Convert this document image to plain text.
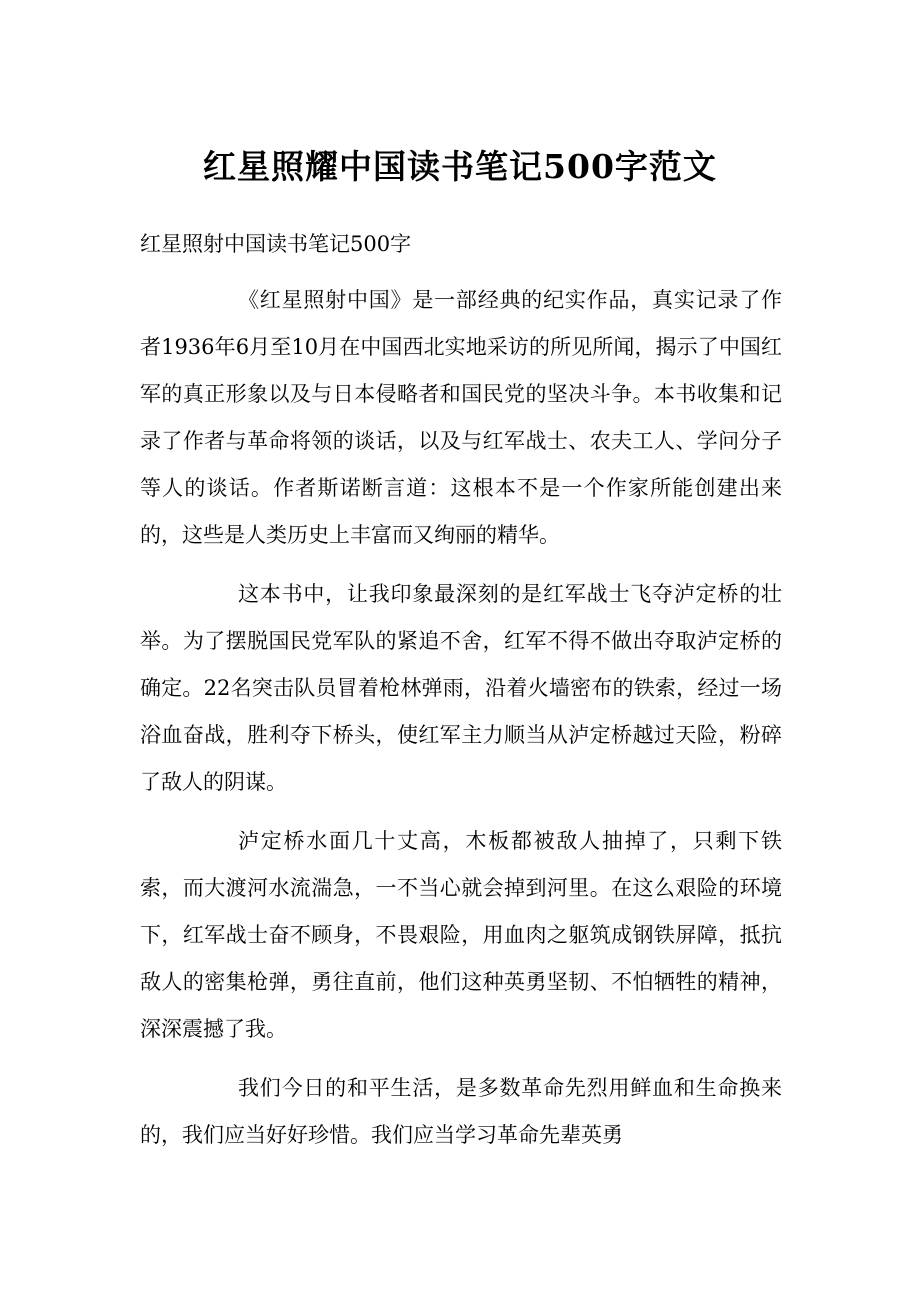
红星照耀中国读书笔记500字范文

红星照射中国读书笔记500字

《红星照射中国》是一部经典的纪实作品，真实记录了作者1936年6月至10月在中国西北实地采访的所见所闻，揭示了中国红军的真正形象以及与日本侵略者和国民党的坚决斗争。本书收集和记录了作者与革命将领的谈话，以及与红军战士、农夫工人、学问分子等人的谈话。作者斯诺断言道：这根本不是一个作家所能创建出来的，这些是人类历史上丰富而又绚丽的精华。

这本书中，让我印象最深刻的是红军战士飞夺泸定桥的壮举。为了摆脱国民党军队的紧追不舍，红军不得不做出夺取泸定桥的确定。22名突击队员冒着枪林弹雨，沿着火墙密布的铁索，经过一场浴血奋战，胜利夺下桥头，使红军主力顺当从泸定桥越过天险，粉碎了敌人的阴谋。

泸定桥水面几十丈高，木板都被敌人抽掉了，只剩下铁索，而大渡河水流湍急，一不当心就会掉到河里。在这么艰险的环境下，红军战士奋不顾身，不畏艰险，用血肉之躯筑成钢铁屏障，抵抗敌人的密集枪弹，勇往直前，他们这种英勇坚韧、不怕牺牲的精神，深深震撼了我。

我们今日的和平生活，是多数革命先烈用鲜血和生命换来的，我们应当好好珍惜。我们应当学习革命先辈英勇
